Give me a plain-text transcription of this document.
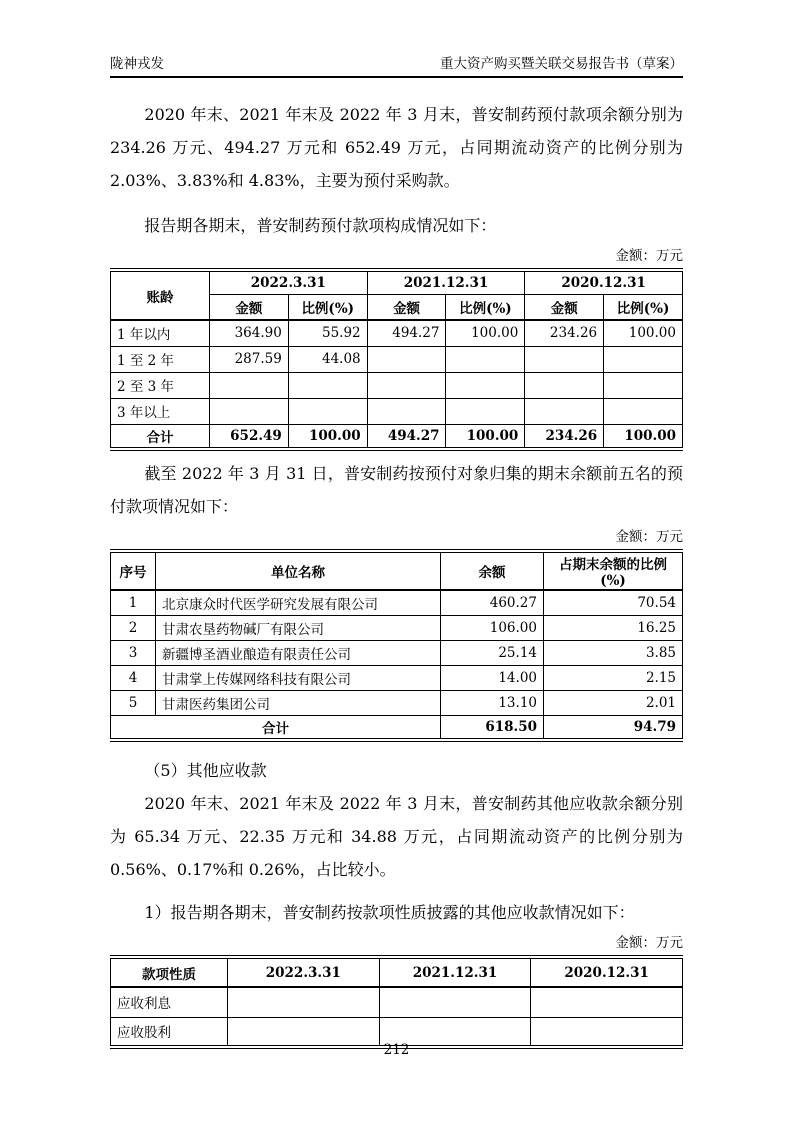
陇神戎发	重大资产购买暨关联交易报告书（草案）

2020 年末、2021 年末及 2022 年 3 月末，普安制药预付款项余额分别为 234.26 万元、494.27 万元和 652.49 万元，占同期流动资产的比例分别为 2.03%、3.83%和 4.83%，主要为预付采购款。

报告期各期末，普安制药预付款项构成情况如下：

金额：万元
账龄	2022.3.31		2021.12.31		2020.12.31	
	金额	比例(%)	金额	比例(%)	金额	比例(%)
1 年以内	364.90	55.92	494.27	100.00	234.26	100.00
1 至 2 年	287.59	44.08				
2 至 3 年						
3 年以上						
合计	652.49	100.00	494.27	100.00	234.26	100.00

截至 2022 年 3 月 31 日，普安制药按预付对象归集的期末余额前五名的预付款项情况如下：

金额：万元
序号	单位名称	余额	占期末余额的比例(%)
1	北京康众时代医学研究发展有限公司	460.27	70.54
2	甘肃农垦药物碱厂有限公司	106.00	16.25
3	新疆博圣酒业酿造有限责任公司	25.14	3.85
4	甘肃掌上传媒网络科技有限公司	14.00	2.15
5	甘肃医药集团公司	13.10	2.01
合计		618.50	94.79

（5）其他应收款

2020 年末、2021 年末及 2022 年 3 月末，普安制药其他应收款余额分别为 65.34 万元、22.35 万元和 34.88 万元，占同期流动资产的比例分别为 0.56%、0.17%和 0.26%，占比较小。

1）报告期各期末，普安制药按款项性质披露的其他应收款情况如下：

金额：万元
款项性质	2022.3.31	2021.12.31	2020.12.31
应收利息			
应收股利			
212
